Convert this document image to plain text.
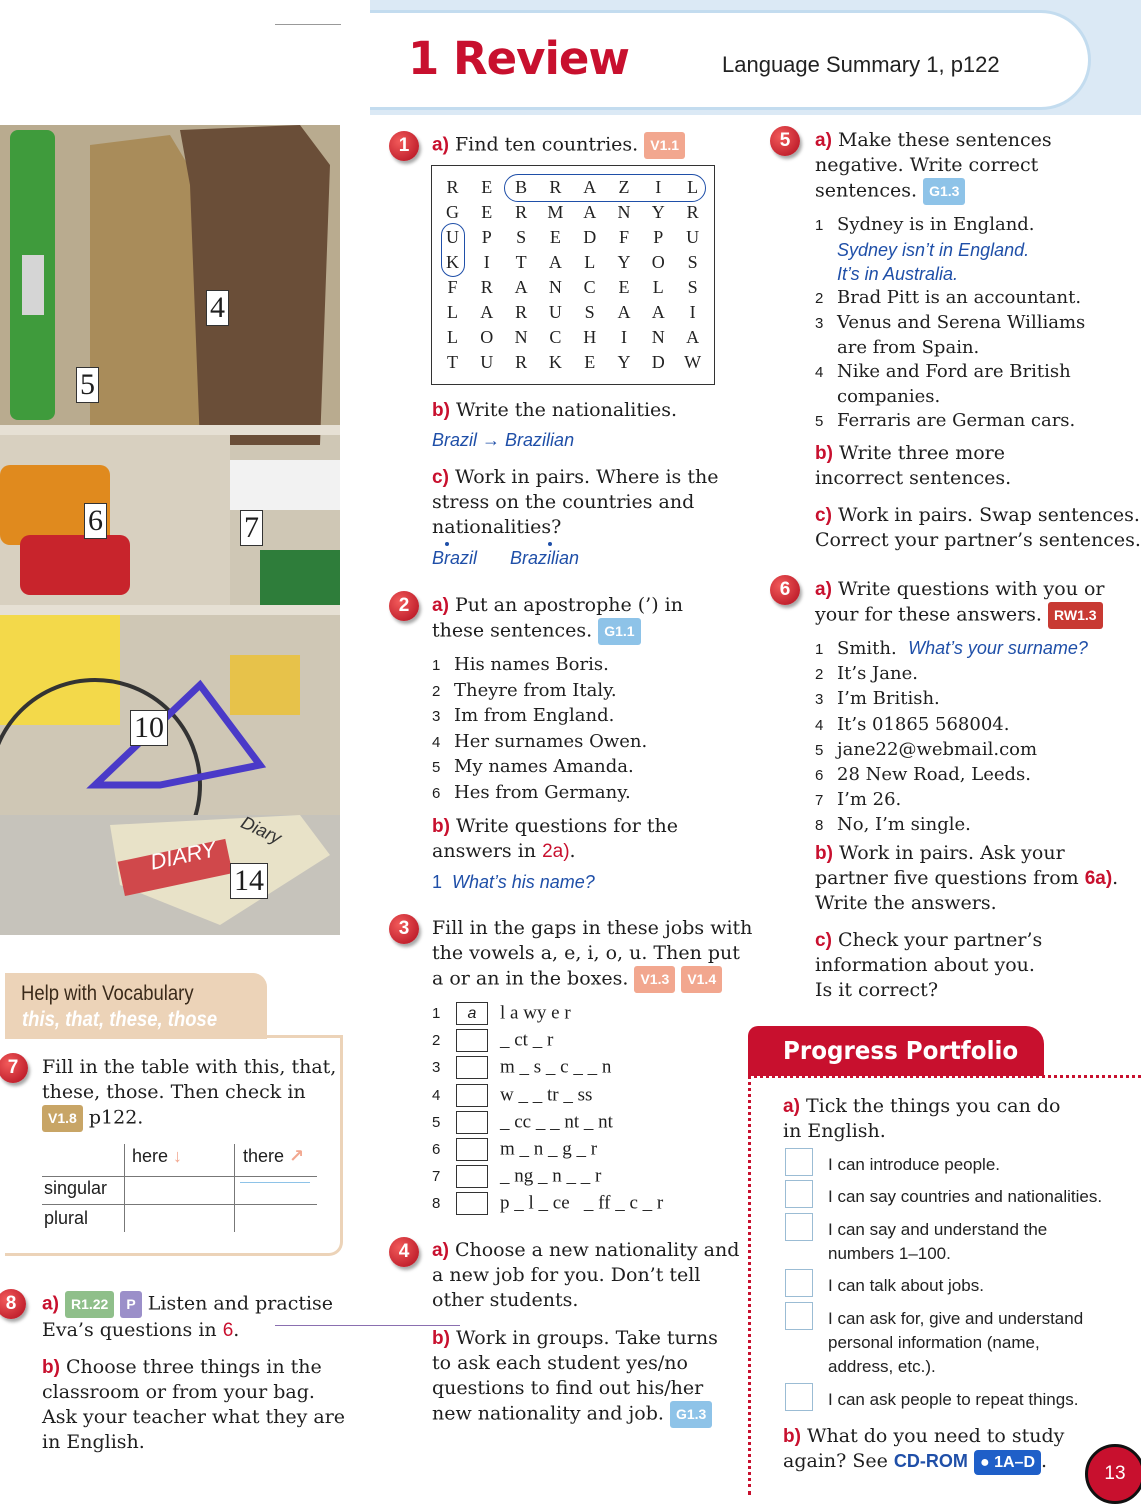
1 Review	Language Summary 1, p122
DIARY
Diary
4
5
6	7
10
14
1	a) Find ten countries. V1.1
R	E	B	R	A	Z	I	L
G	E	R	M	A	N	Y	R
U	P	S	E	D	F	P	U
K	I	T	A	L	Y	O	S
F	R	A	N	C	E	L	S
L	A	R	U	S	A	A	I
L	O	N	C	H	I	N	A
T	U	R	K	E	Y	D	W
b) Write the nationalities.
Brazil → Brazilian
c) Work in pairs. Where is the
stress on the countries and
nationalities?
Brazil Brazilian
2	a) Put an apostrophe (’) in
these sentences. G1.1
1 His names Boris.
2 Theyre from Italy.
3 Im from England.
4 Her surnames Owen.
5 My names Amanda.
6 Hes from Germany.
b) Write questions for the
answers in 2a).
1 What’s his name?
3	Fill in the gaps in these jobs with
the vowels a, e, i, o, u. Then put
a or an in the boxes. V1.3 V1.4
1 a l a wy e r
2	_ ct _ r
3	m _ s _ c _ _ n
4	w _ _ tr _ ss
5	_ cc _ _ nt _ nt
6	m _ n _ g _ r
7	_ ng _ n _ _ r
8	p _ l _ ce   _ ff _ c _ r
4	a) Choose a new nationality and
a new job for you. Don’t tell
other students.
b) Work in groups. Take turns
to ask each student yes/no
questions to find out his/her
new nationality and job. G1.3
5	a) Make these sentences
negative. Write correct
sentences. G1.3
1 Sydney is in England.
Sydney isn’t in England.
It’s in Australia.
2 Brad Pitt is an accountant.
3 Venus and Serena Williams
are from Spain.
4 Nike and Ford are British
companies.
5 Ferraris are German cars.
b) Write three more
incorrect sentences.
c) Work in pairs. Swap sentences.
Correct your partner’s sentences.
6	a) Write questions with you or
your for these answers. RW1.3
1 Smith. What’s your surname?
2 It’s Jane.
3 I’m British.
4 It’s 01865 568004.
5 jane22@webmail.com
6 28 New Road, Leeds.
7 I’m 26.
8 No, I’m single.
b) Work in pairs. Ask your
partner five questions from 6a).
Write the answers.
c) Check your partner’s
information about you.
Is it correct?
Help with Vocabulary
this, that, these, those
7	Fill in the table with this, that,
these, those. Then check in
V1.8 p122.
here ↓	there ↗
singular
plural
8	a) R1.22 P Listen and practise
Eva’s questions in 6.
b) Choose three things in the
classroom or from your bag.
Ask your teacher what they are
in English.
Progress Portfolio
a) Tick the things you can do
in English.
I can introduce people.
I can say countries and nationalities.
I can say and understand the
numbers 1–100.
I can talk about jobs.
I can ask for, give and understand
personal information (name,
address, etc.).
I can ask people to repeat things.
b) What do you need to study
again? See CD-ROM ● 1A–D .
13
